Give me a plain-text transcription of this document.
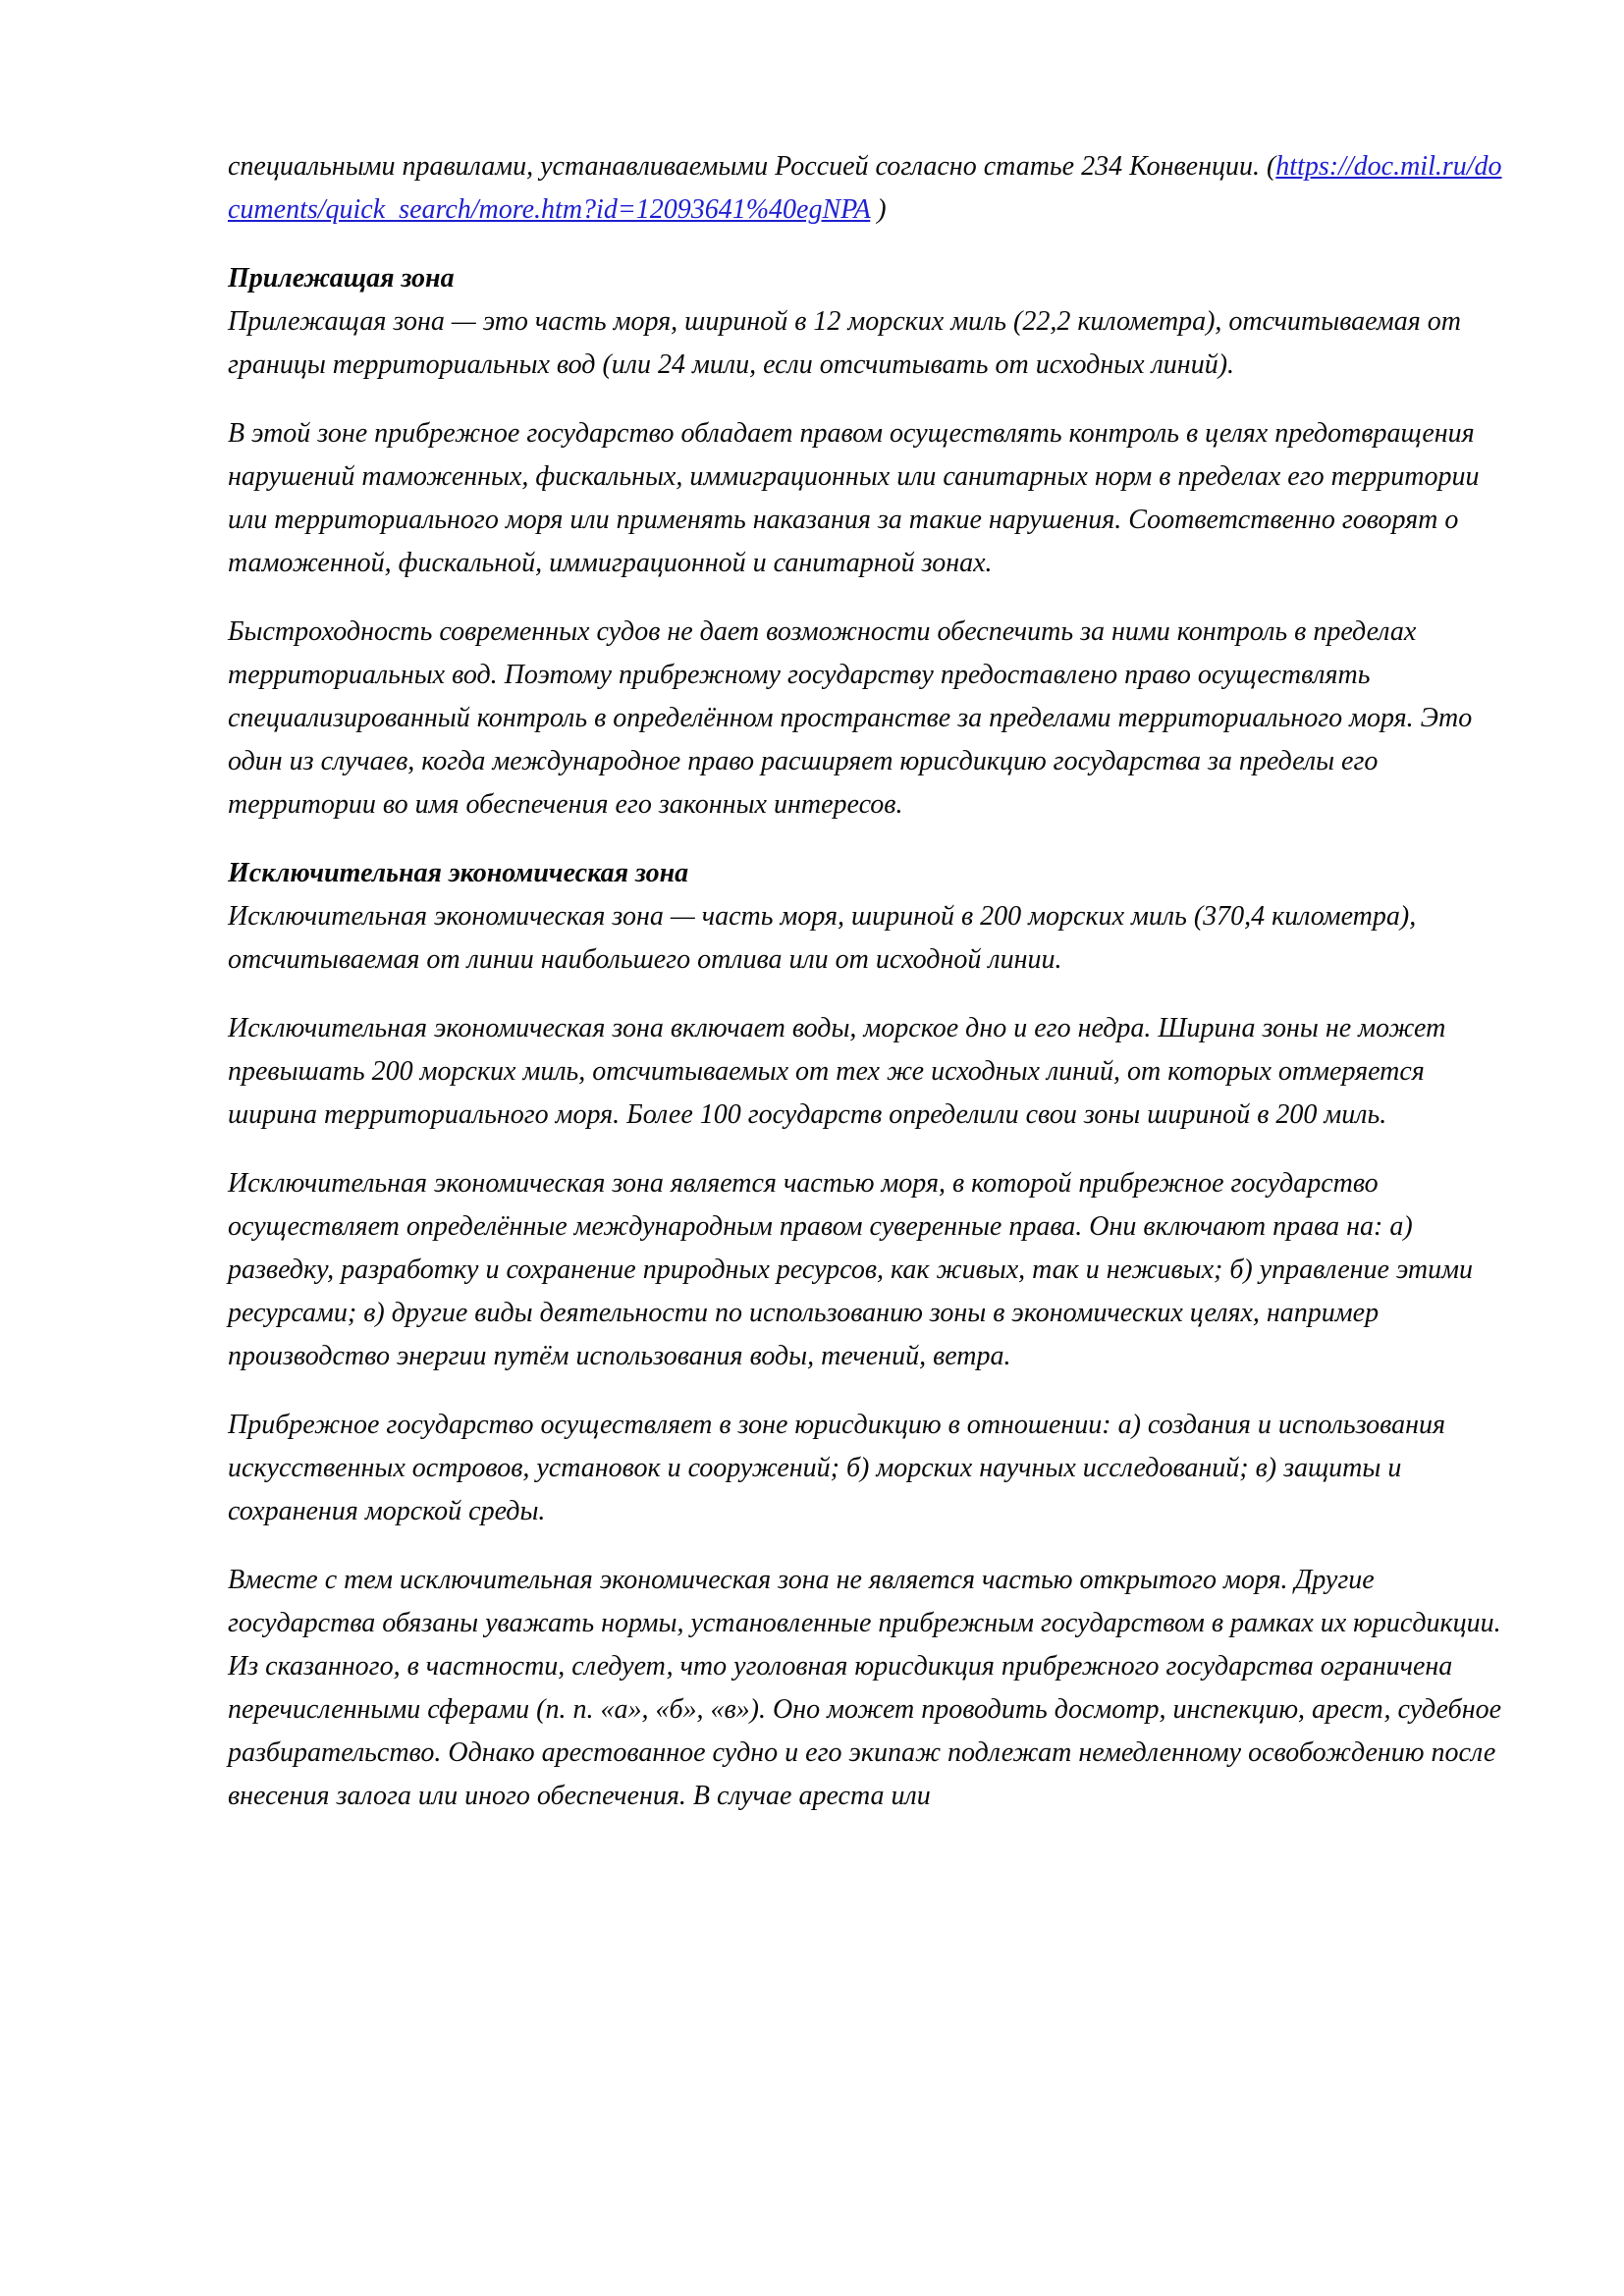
специальными правилами, устанавливаемыми Россией согласно статье 234 Конвенции. (https://doc.mil.ru/documents/quick_search/more.htm?id=12093641%40egNPA )

Прилежащая зона

Прилежащая зона — это часть моря, шириной в 12 морских миль (22,2 километра), отсчитываемая от границы территориальных вод (или 24 мили, если отсчитывать от исходных линий).

В этой зоне прибрежное государство обладает правом осуществлять контроль в целях предотвращения нарушений таможенных, фискальных, иммиграционных или санитарных норм в пределах его территории или территориального моря или применять наказания за такие нарушения. Соответственно говорят о таможенной, фискальной, иммиграционной и санитарной зонах.

Быстроходность современных судов не дает возможности обеспечить за ними контроль в пределах территориальных вод. Поэтому прибрежному государству предоставлено право осуществлять специализированный контроль в определённом пространстве за пределами территориального моря. Это один из случаев, когда международное право расширяет юрисдикцию государства за пределы его территории во имя обеспечения его законных интересов.

Исключительная экономическая зона

Исключительная экономическая зона — часть моря, шириной в 200 морских миль (370,4 километра), отсчитываемая от линии наибольшего отлива или от исходной линии.

Исключительная экономическая зона включает воды, морское дно и его недра. Ширина зоны не может превышать 200 морских миль, отсчитываемых от тех же исходных линий, от которых отмеряется ширина территориального моря. Более 100 государств определили свои зоны шириной в 200 миль.

Исключительная экономическая зона является частью моря, в которой прибрежное государство осуществляет определённые международным правом суверенные права. Они включают права на: а) разведку, разработку и сохранение природных ресурсов, как живых, так и неживых; б) управление этими ресурсами; в) другие виды деятельности по использованию зоны в экономических целях, например производство энергии путём использования воды, течений, ветра.

Прибрежное государство осуществляет в зоне юрисдикцию в отношении: а) создания и использования искусственных островов, установок и сооружений; б) морских научных исследований; в) защиты и сохранения морской среды.

Вместе с тем исключительная экономическая зона не является частью открытого моря. Другие государства обязаны уважать нормы, установленные прибрежным государством в рамках их юрисдикции. Из сказанного, в частности, следует, что уголовная юрисдикция прибрежного государства ограничена перечисленными сферами (п. п. «а», «б», «в»). Оно может проводить досмотр, инспекцию, арест, судебное разбирательство. Однако арестованное судно и его экипаж подлежат немедленному освобождению после внесения залога или иного обеспечения. В случае ареста или
